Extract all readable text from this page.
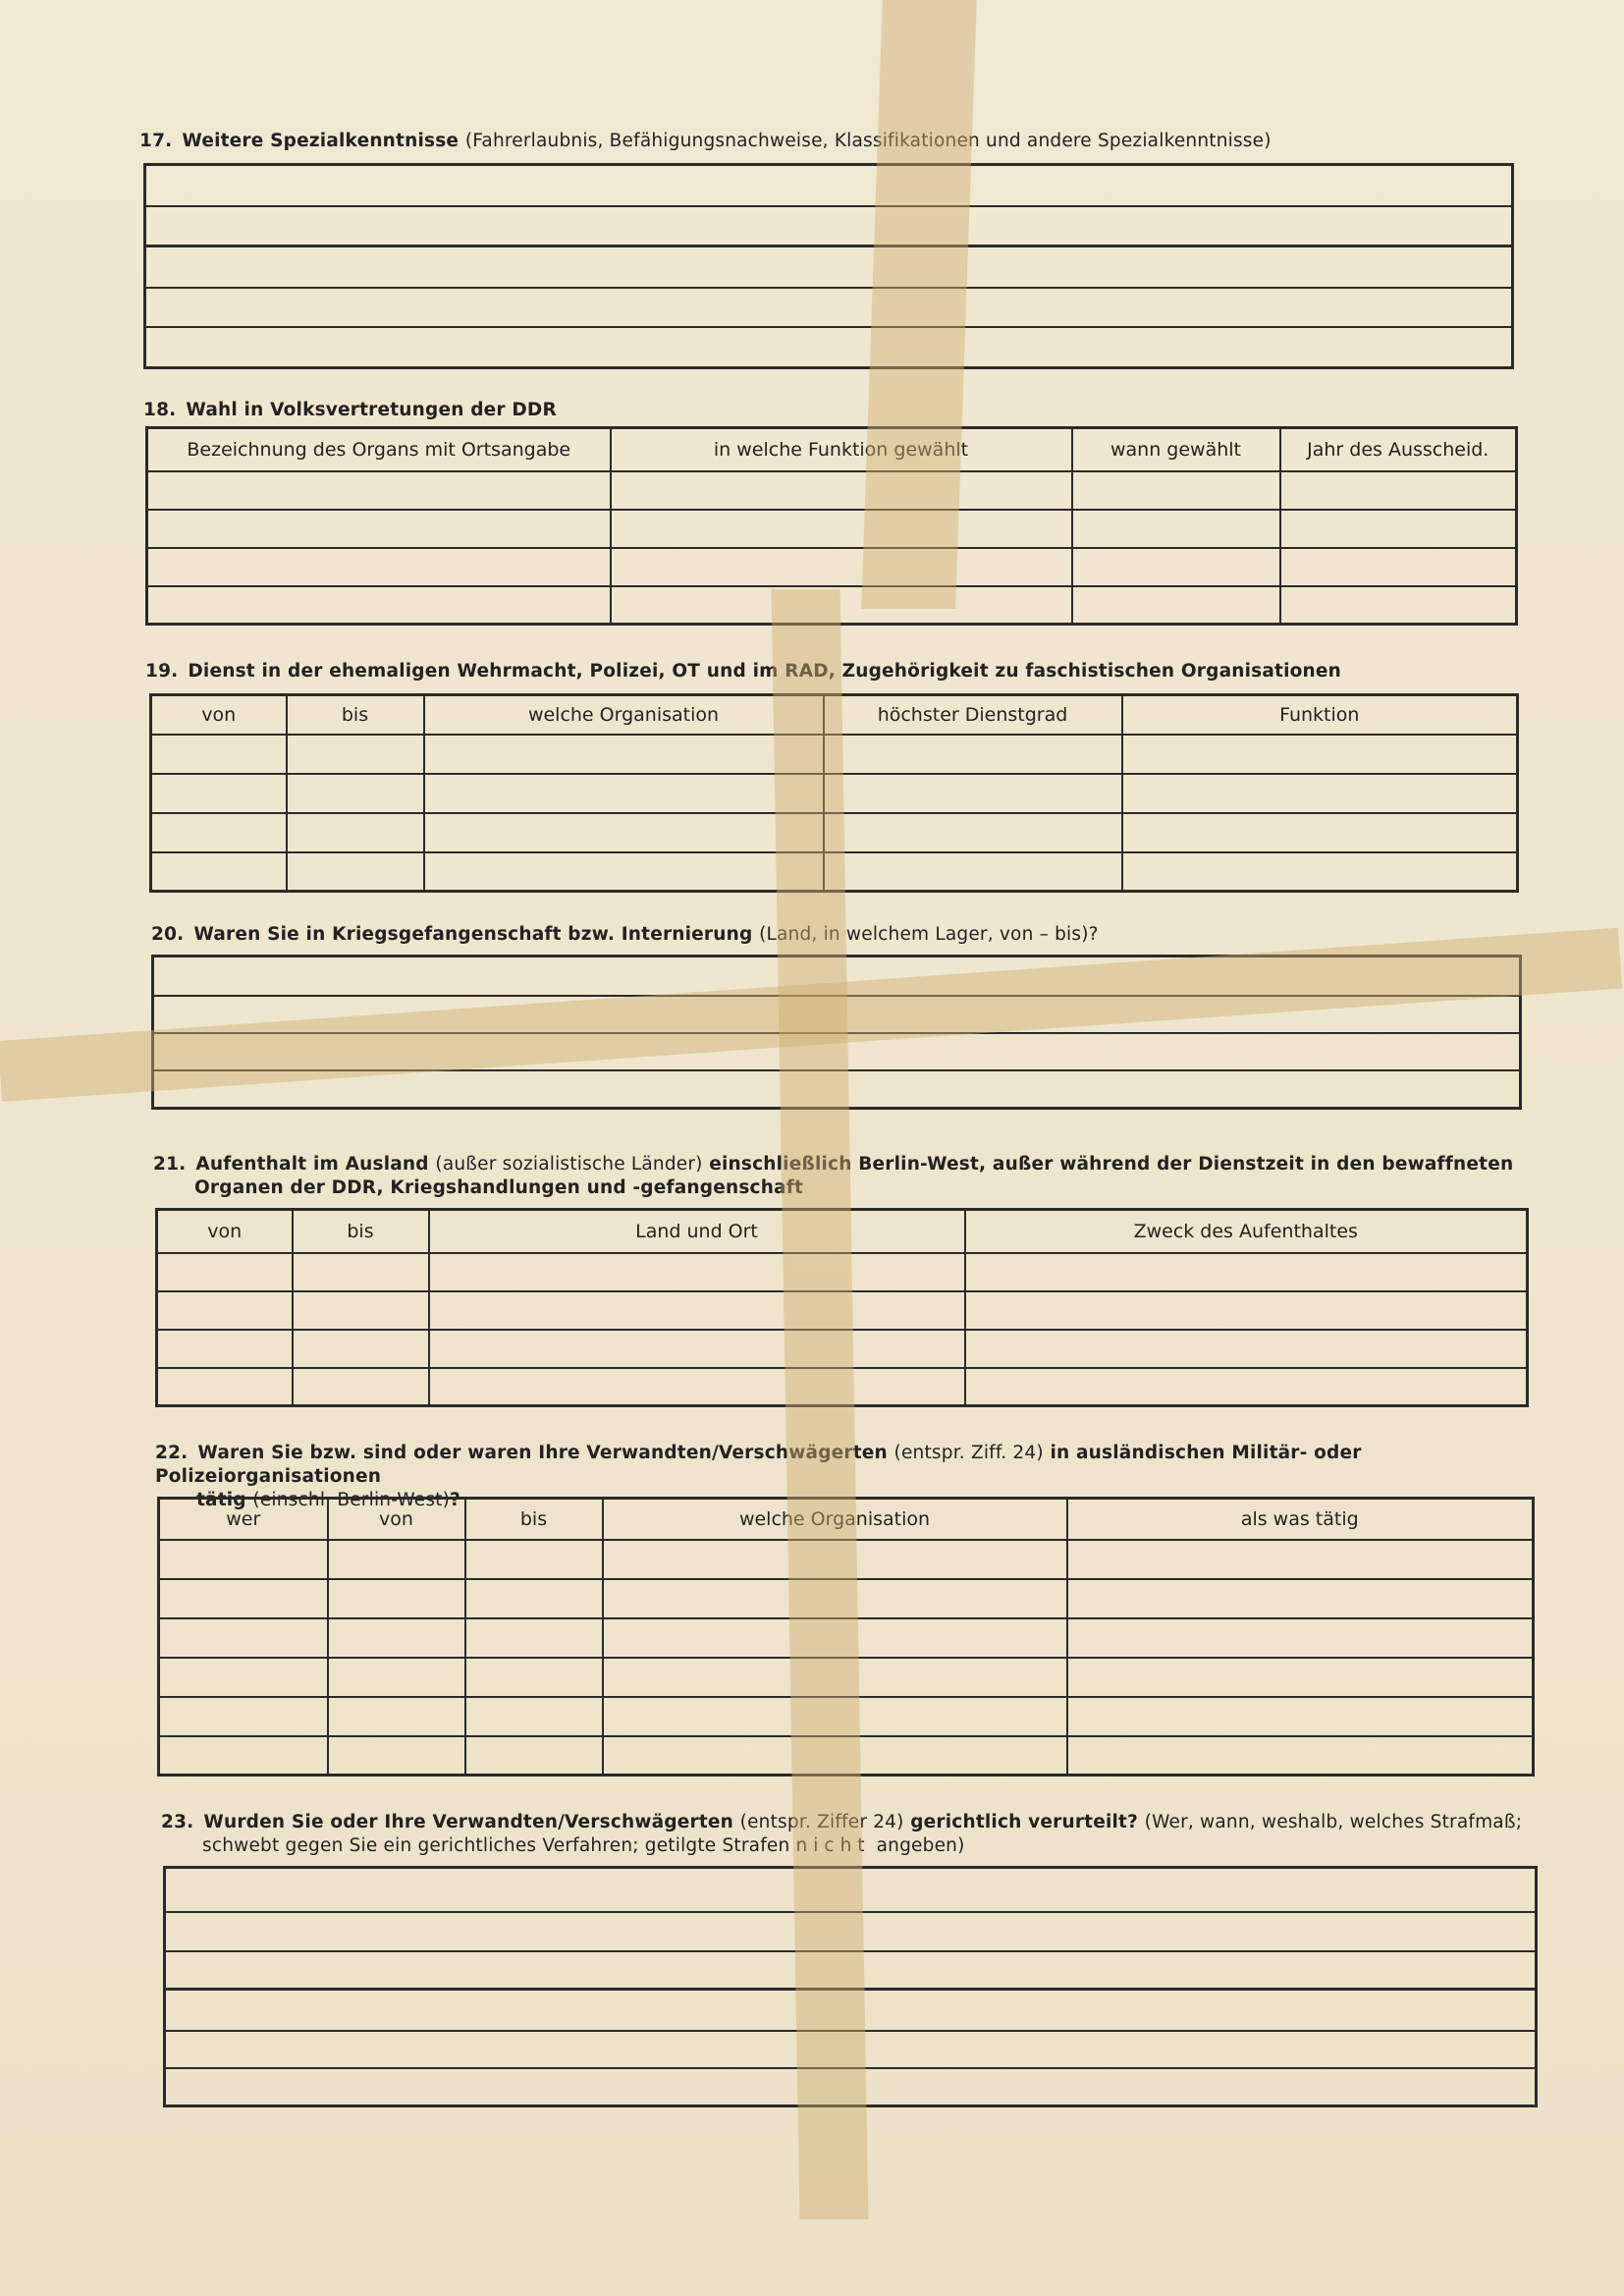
17. Weitere Spezialkenntnisse (Fahrerlaubnis, Befähigungsnachweise, Klassifikationen und andere Spezialkenntnisse)
18. Wahl in Volksvertretungen der DDR
Bezeichnung des Organs mit Ortsangabe	in welche Funktion gewählt	wann gewählt	Jahr des Ausscheid.

19. Dienst in der ehemaligen Wehrmacht, Polizei, OT und im RAD, Zugehörigkeit zu faschistischen Organisationen
von	bis	welche Organisation	höchster Dienstgrad	Funktion

20. Waren Sie in Kriegsgefangenschaft bzw. Internierung (Land, in welchem Lager, von – bis)?
21. Aufenthalt im Ausland (außer sozialistische Länder) einschließlich Berlin-West, außer während der Dienstzeit in den bewaffneten
Organen der DDR, Kriegshandlungen und -gefangenschaft
von	bis	Land und Ort	Zweck des Aufenthaltes

22. Waren Sie bzw. sind oder waren Ihre Verwandten/Verschwägerten (entspr. Ziff. 24) in ausländischen Militär- oder Polizeiorganisationen
tätig (einschl. Berlin-West)?
wer	von	bis	welche Organisation	als was tätig

23. Wurden Sie oder Ihre Verwandten/Verschwägerten (entspr. Ziffer 24) gerichtlich verurteilt? (Wer, wann, weshalb, welches Strafmaß;
schwebt gegen Sie ein gerichtliches Verfahren; getilgte Strafen nicht angeben)
